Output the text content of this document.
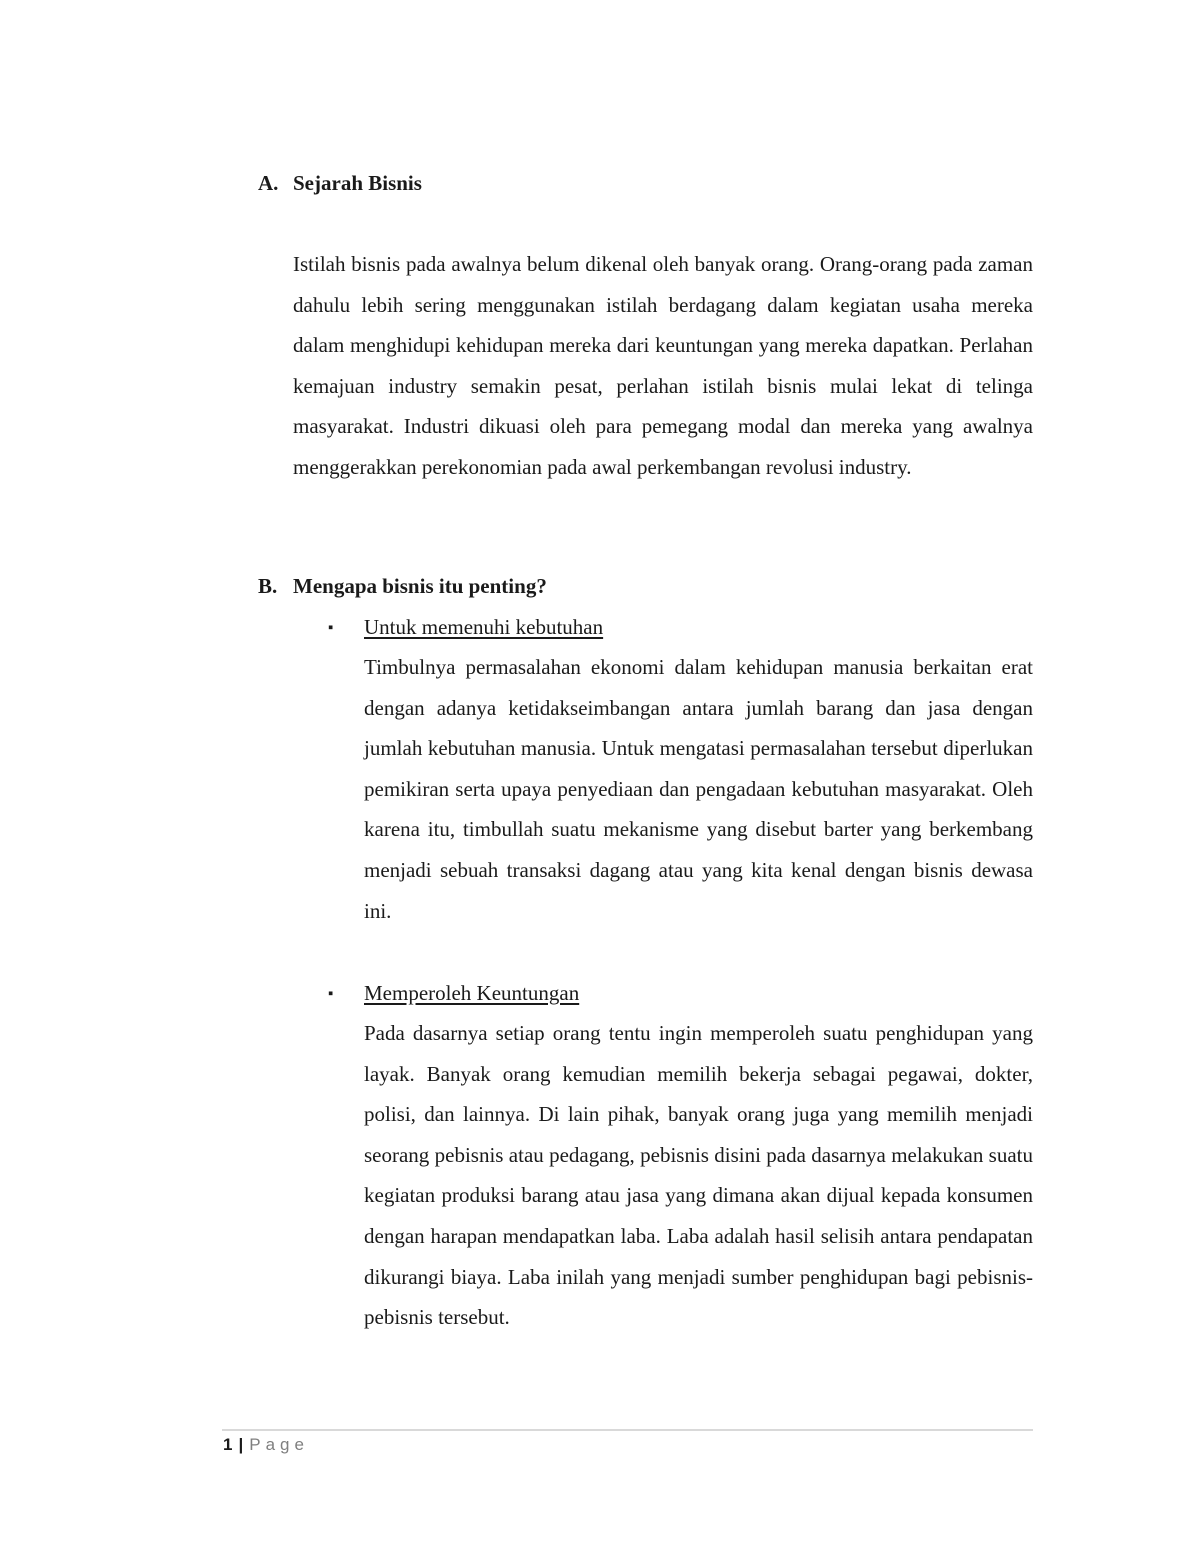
A. Sejarah Bisnis

Istilah bisnis pada awalnya belum dikenal oleh banyak orang. Orang-orang pada zaman dahulu lebih sering menggunakan istilah berdagang dalam kegiatan usaha mereka dalam menghidupi kehidupan mereka dari keuntungan yang mereka dapatkan. Perlahan kemajuan industry semakin pesat, perlahan istilah bisnis mulai lekat di telinga masyarakat. Industri dikuasi oleh para pemegang modal dan mereka yang awalnya menggerakkan perekonomian pada awal perkembangan revolusi industry.

B. Mengapa bisnis itu penting?
▪ Untuk memenuhi kebutuhan

Timbulnya permasalahan ekonomi dalam kehidupan manusia berkaitan erat dengan adanya ketidakseimbangan antara jumlah barang dan jasa dengan jumlah kebutuhan manusia. Untuk mengatasi permasalahan tersebut diperlukan pemikiran serta upaya penyediaan dan pengadaan kebutuhan masyarakat. Oleh karena itu, timbullah suatu mekanisme yang disebut barter yang berkembang menjadi sebuah transaksi dagang atau yang kita kenal dengan bisnis dewasa ini.

▪ Memperoleh Keuntungan

Pada dasarnya setiap orang tentu ingin memperoleh suatu penghidupan yang layak. Banyak orang kemudian memilih bekerja sebagai pegawai, dokter, polisi, dan lainnya. Di lain pihak, banyak orang juga yang memilih menjadi seorang pebisnis atau pedagang, pebisnis disini pada dasarnya melakukan suatu kegiatan produksi barang atau jasa yang dimana akan dijual kepada konsumen dengan harapan mendapatkan laba. Laba adalah hasil selisih antara pendapatan dikurangi biaya. Laba inilah yang menjadi sumber penghidupan bagi pebisnis-pebisnis tersebut.

1 | Page
